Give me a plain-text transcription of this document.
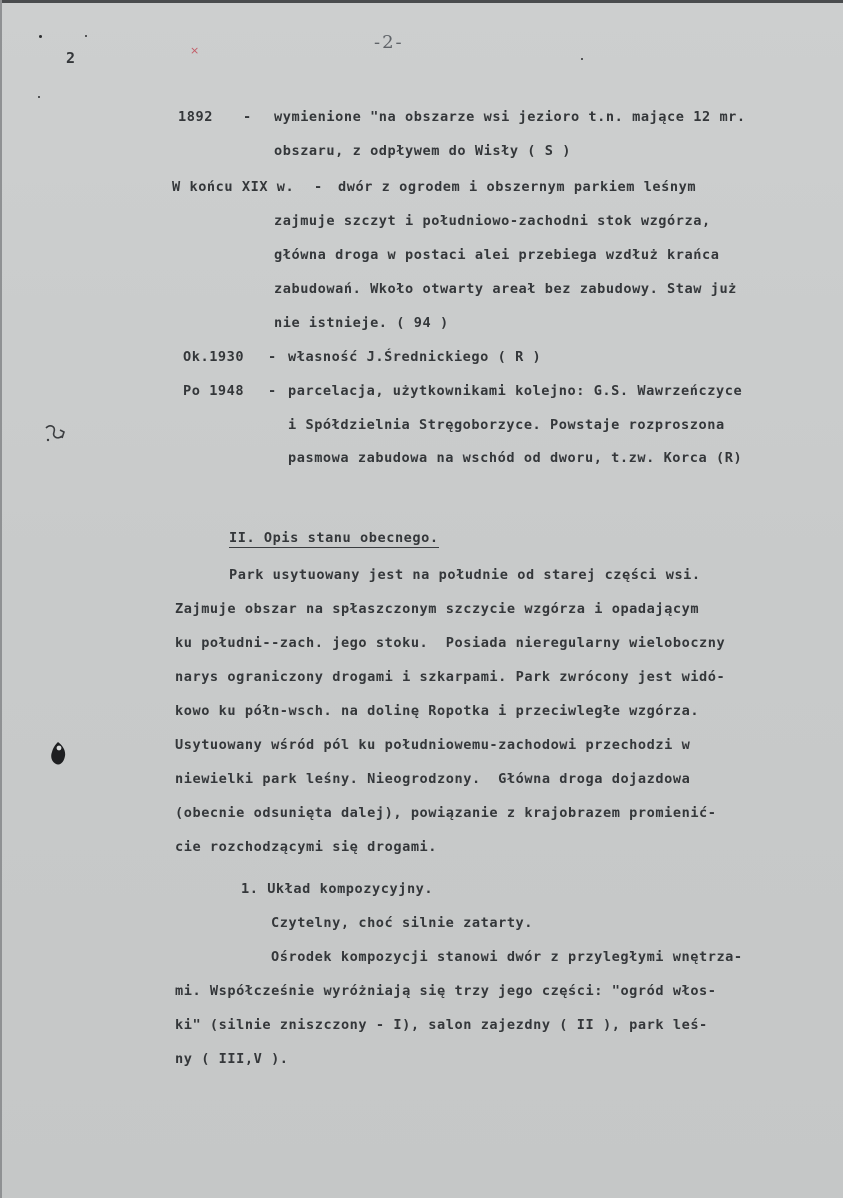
2
-2-
×
1892 - wymienione "na obszarze wsi jezioro t.n. mające 12 mr.
obszaru, z odpływem do Wisły ( S )
W końcu XIX w. - dwór z ogrodem i obszernym parkiem leśnym
zajmuje szczyt i południowo-zachodni stok wzgórza,
główna droga w postaci alei przebiega wzdłuż krańca
zabudowań. Wkoło otwarty areał bez zabudowy. Staw już
nie istnieje. ( 94 )
Ok.1930 - własność J.Średnickiego ( R )
Po 1948 - parcelacja, użytkownikami kolejno: G.S. Wawrzeńczyce
i Spółdzielnia Stręgoborzyce. Powstaje rozproszona
pasmowa zabudowa na wschód od dworu, t.zw. Korca (R)
II. Opis stanu obecnego.
Park usytuowany jest na południe od starej części wsi.
Zajmuje obszar na spłaszczonym szczycie wzgórza i opadającym
ku południ--zach. jego stoku.  Posiada nieregularny wieloboczny
narys ograniczony drogami i szkarpami. Park zwrócony jest widó-
kowo ku półn-wsch. na dolinę Ropotka i przeciwległe wzgórza.
Usytuowany wśród pól ku południowemu-zachodowi przechodzi w
niewielki park leśny. Nieogrodzony.  Główna droga dojazdowa
(obecnie odsunięta dalej), powiązanie z krajobrazem promienić-
cie rozchodzącymi się drogami.
1. Układ kompozycyjny.
Czytelny, choć silnie zatarty.
Ośrodek kompozycji stanowi dwór z przyległymi wnętrza-
mi. Współcześnie wyróżniają się trzy jego części: "ogród włos-
ki" (silnie zniszczony - I), salon zajezdny ( II ), park leś-
ny ( III,V ).
